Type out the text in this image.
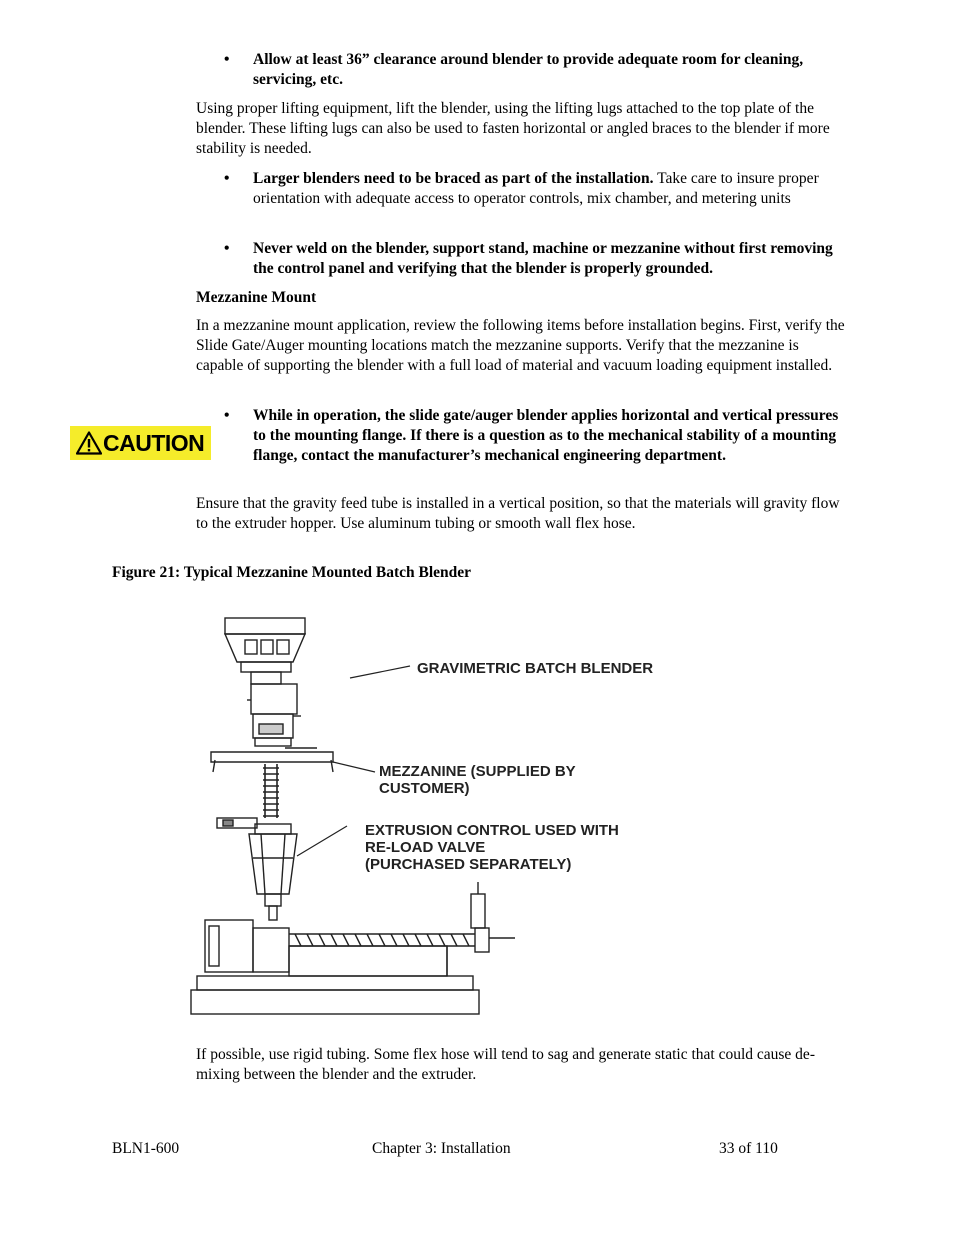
• Allow at least 36” clearance around blender to provide adequate room for cleaning, servicing, etc.
Using proper lifting equipment, lift the blender, using the lifting lugs attached to the top plate of the blender. These lifting lugs can also be used to fasten horizontal or angled braces to the blender if more stability is needed.
• Larger blenders need to be braced as part of the installation. Take care to insure proper orientation with adequate access to operator controls, mix chamber, and metering units
• Never weld on the blender, support stand, machine or mezzanine without first removing the control panel and verifying that the blender is properly grounded.
Mezzanine Mount
In a mezzanine mount application, review the following items before installation begins. First, verify the Slide Gate/Auger mounting locations match the mezzanine supports. Verify that the mezzanine is capable of supporting the blender with a full load of material and vacuum loading equipment installed.
CAUTION
• While in operation, the slide gate/auger blender applies horizontal and vertical pressures to the mounting flange. If there is a question as to the mechanical stability of a mounting flange, contact the manufacturer’s mechanical engineering department.
Ensure that the gravity feed tube is installed in a vertical position, so that the materials will gravity flow to the extruder hopper. Use aluminum tubing or smooth wall flex hose.
Figure 21: Typical Mezzanine Mounted Batch Blender
GRAVIMETRIC BATCH BLENDER
MEZZANINE (SUPPLIED BY
CUSTOMER)
EXTRUSION CONTROL USED WITH
RE-LOAD VALVE
(PURCHASED SEPARATELY)
If possible, use rigid tubing. Some flex hose will tend to sag and generate static that could cause de-mixing between the blender and the extruder.
BLN1-600	Chapter 3: Installation	33 of 110
